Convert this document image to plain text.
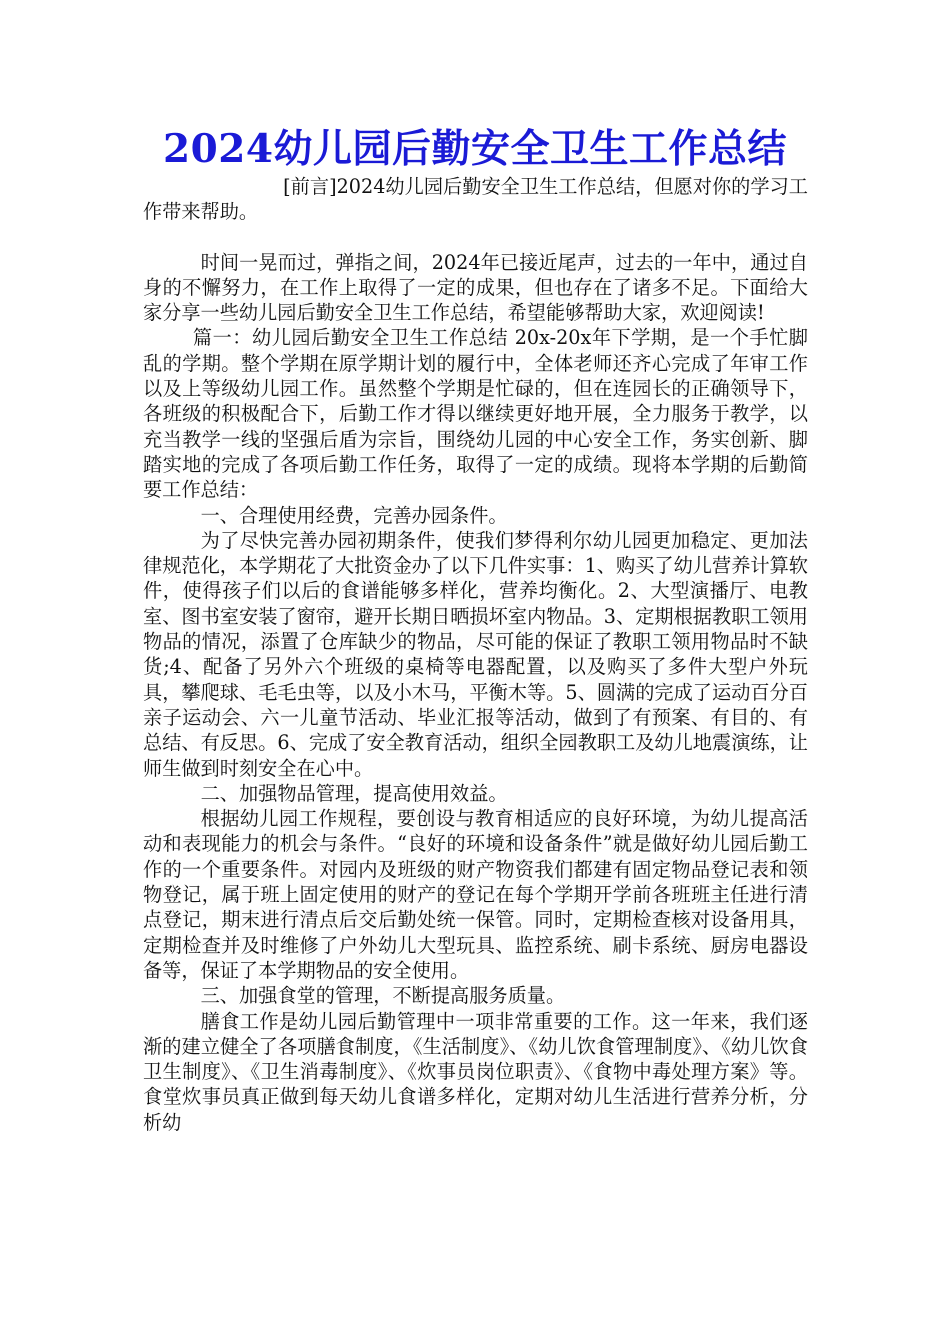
2024幼儿园后勤安全卫生工作总结

[前言]2024幼儿园后勤安全卫生工作总结，但愿对你的学习工作带来帮助。

时间一晃而过，弹指之间，2024年已接近尾声，过去的一年中，通过自身的不懈努力，在工作上取得了一定的成果，但也存在了诸多不足。下面给大家分享一些幼儿园后勤安全卫生工作总结，希望能够帮助大家，欢迎阅读!

篇一：幼儿园后勤安全卫生工作总结 20x-20x年下学期，是一个手忙脚乱的学期。整个学期在原学期计划的履行中，全体老师还齐心完成了年审工作以及上等级幼儿园工作。虽然整个学期是忙碌的，但在连园长的正确领导下，各班级的积极配合下，后勤工作才得以继续更好地开展，全力服务于教学，以充当教学一线的坚强后盾为宗旨，围绕幼儿园的中心安全工作，务实创新、脚踏实地的完成了各项后勤工作任务，取得了一定的成绩。现将本学期的后勤简要工作总结：

一、合理使用经费，完善办园条件。

为了尽快完善办园初期条件，使我们梦得利尔幼儿园更加稳定、更加法律规范化，本学期花了大批资金办了以下几件实事：1、购买了幼儿营养计算软件，使得孩子们以后的食谱能够多样化，营养均衡化。2、大型演播厅、电教室、图书室安装了窗帘，避开长期日晒损坏室内物品。3、定期根据教职工领用物品的情况，添置了仓库缺少的物品，尽可能的保证了教职工领用物品时不缺货;4、配备了另外六个班级的桌椅等电器配置，以及购买了多件大型户外玩具，攀爬球、毛毛虫等，以及小木马，平衡木等。5、圆满的完成了运动百分百亲子运动会、六一儿童节活动、毕业汇报等活动，做到了有预案、有目的、有总结、有反思。6、完成了安全教育活动，组织全园教职工及幼儿地震演练，让师生做到时刻安全在心中。

二、加强物品管理，提高使用效益。

根据幼儿园工作规程，要创设与教育相适应的良好环境，为幼儿提高活动和表现能力的机会与条件。“良好的环境和设备条件”就是做好幼儿园后勤工作的一个重要条件。对园内及班级的财产物资我们都建有固定物品登记表和领物登记，属于班上固定使用的财产的登记在每个学期开学前各班班主任进行清点登记，期末进行清点后交后勤处统一保管。同时，定期检查核对设备用具，定期检查并及时维修了户外幼儿大型玩具、监控系统、刷卡系统、厨房电器设备等，保证了本学期物品的安全使用。

三、加强食堂的管理，不断提高服务质量。

膳食工作是幼儿园后勤管理中一项非常重要的工作。这一年来，我们逐渐的建立健全了各项膳食制度，《生活制度》、《幼儿饮食管理制度》、《幼儿饮食卫生制度》、《卫生消毒制度》、《炊事员岗位职责》、《食物中毒处理方案》等。食堂炊事员真正做到每天幼儿食谱多样化，定期对幼儿生活进行营养分析，分析幼
